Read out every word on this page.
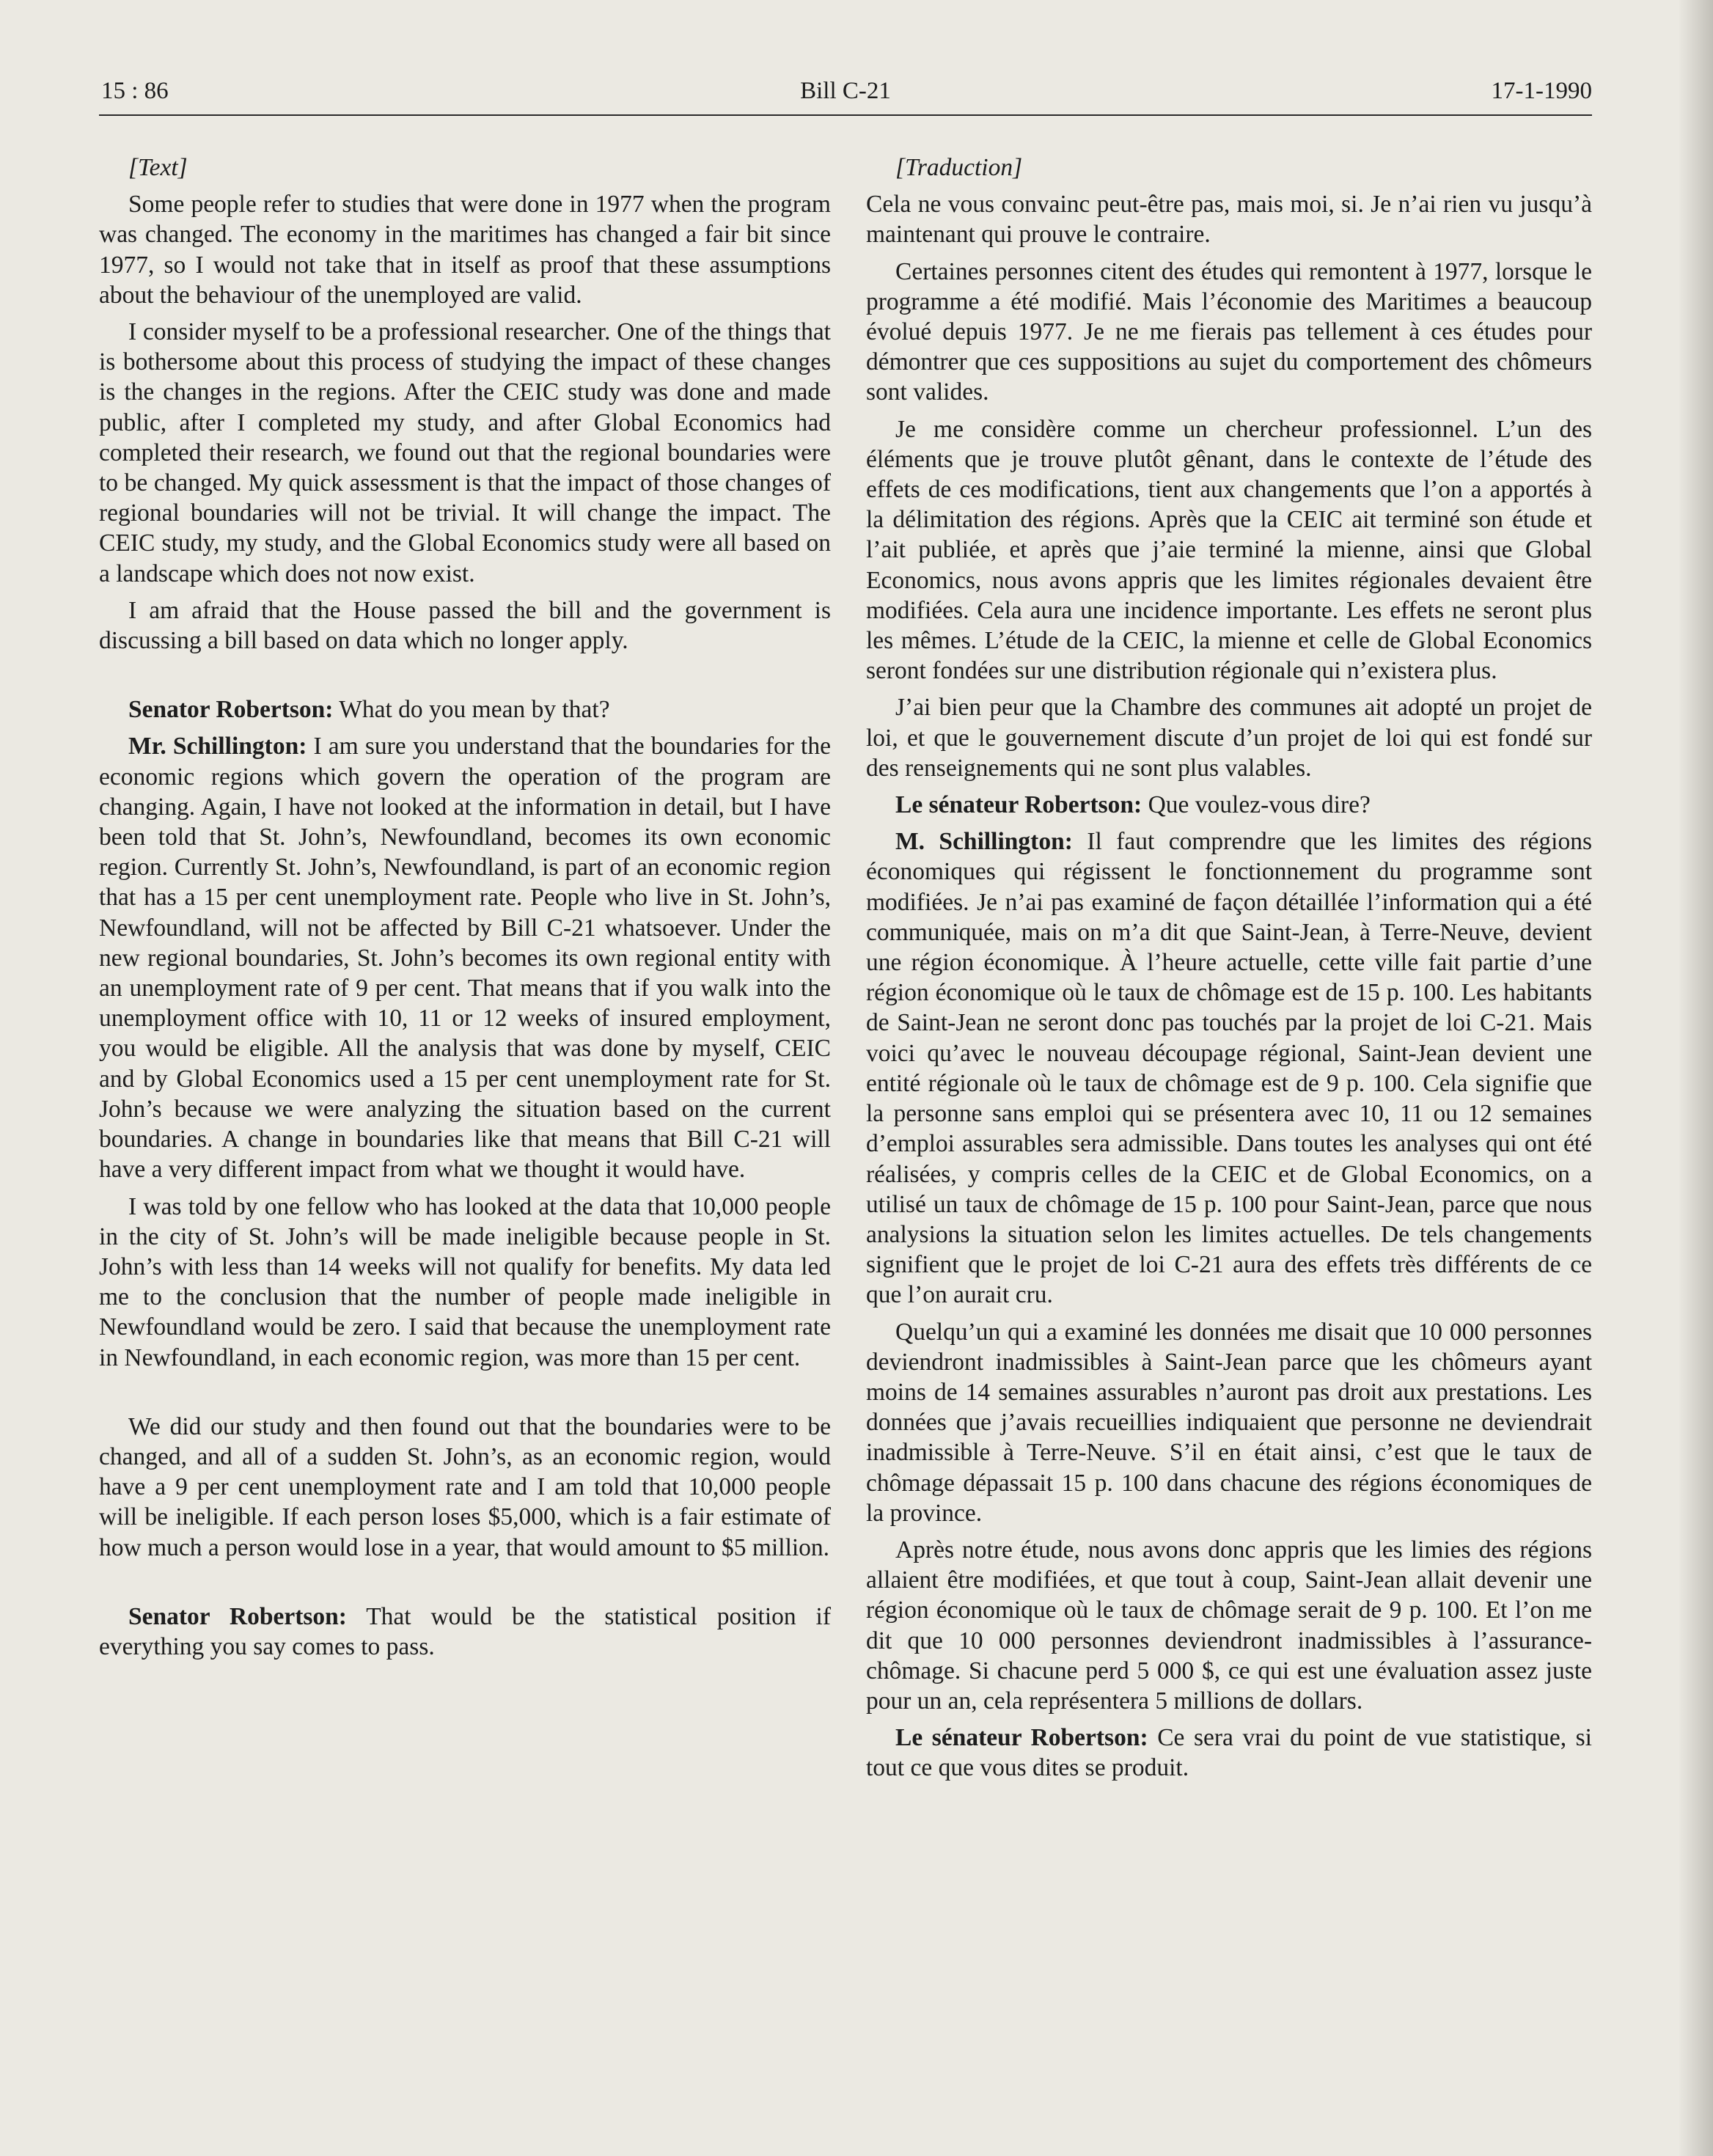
15 : 86	Bill C-21	17-1-1990

[Text]

Some people refer to studies that were done in 1977 when the program was changed. The economy in the maritimes has changed a fair bit since 1977, so I would not take that in itself as proof that these assumptions about the behaviour of the unemployed are valid.

I consider myself to be a professional researcher. One of the things that is bothersome about this process of studying the impact of these changes is the changes in the regions. After the CEIC study was done and made public, after I completed my study, and after Global Economics had completed their research, we found out that the regional boundaries were to be changed. My quick assessment is that the impact of those changes of regional boundaries will not be trivial. It will change the impact. The CEIC study, my study, and the Global Economics study were all based on a landscape which does not now exist.

I am afraid that the House passed the bill and the government is discussing a bill based on data which no longer apply.

Senator Robertson: What do you mean by that?

Mr. Schillington: I am sure you understand that the boundaries for the economic regions which govern the operation of the program are changing. Again, I have not looked at the information in detail, but I have been told that St. John’s, Newfoundland, becomes its own economic region. Currently St. John’s, Newfoundland, is part of an economic region that has a 15 per cent unemployment rate. People who live in St. John’s, Newfoundland, will not be affected by Bill C-21 whatsoever. Under the new regional boundaries, St. John’s becomes its own regional entity with an unemployment rate of 9 per cent. That means that if you walk into the unemployment office with 10, 11 or 12 weeks of insured employment, you would be eligible. All the analysis that was done by myself, CEIC and by Global Economics used a 15 per cent unemployment rate for St. John’s because we were analyzing the situation based on the current boundaries. A change in boundaries like that means that Bill C-21 will have a very different impact from what we thought it would have.

I was told by one fellow who has looked at the data that 10,000 people in the city of St. John’s will be made ineligible because people in St. John’s with less than 14 weeks will not qualify for benefits. My data led me to the conclusion that the number of people made ineligible in Newfoundland would be zero. I said that because the unemployment rate in Newfoundland, in each economic region, was more than 15 per cent.

We did our study and then found out that the boundaries were to be changed, and all of a sudden St. John’s, as an economic region, would have a 9 per cent unemployment rate and I am told that 10,000 people will be ineligible. If each person loses $5,000, which is a fair estimate of how much a person would lose in a year, that would amount to $5 million.

Senator Robertson: That would be the statistical position if everything you say comes to pass.

[Traduction]

Cela ne vous convainc peut-être pas, mais moi, si. Je n’ai rien vu jusqu’à maintenant qui prouve le contraire.

Certaines personnes citent des études qui remontent à 1977, lorsque le programme a été modifié. Mais l’économie des Maritimes a beaucoup évolué depuis 1977. Je ne me fierais pas tellement à ces études pour démontrer que ces suppositions au sujet du comportement des chômeurs sont valides.

Je me considère comme un chercheur professionnel. L’un des éléments que je trouve plutôt gênant, dans le contexte de l’étude des effets de ces modifications, tient aux changements que l’on a apportés à la délimitation des régions. Après que la CEIC ait terminé son étude et l’ait publiée, et après que j’aie terminé la mienne, ainsi que Global Economics, nous avons appris que les limites régionales devaient être modifiées. Cela aura une incidence importante. Les effets ne seront plus les mêmes. L’étude de la CEIC, la mienne et celle de Global Economics seront fondées sur une distribution régionale qui n’existera plus.

J’ai bien peur que la Chambre des communes ait adopté un projet de loi, et que le gouvernement discute d’un projet de loi qui est fondé sur des renseignements qui ne sont plus valables.

Le sénateur Robertson: Que voulez-vous dire?

M. Schillington: Il faut comprendre que les limites des régions économiques qui régissent le fonctionnement du programme sont modifiées. Je n’ai pas examiné de façon détaillée l’information qui a été communiquée, mais on m’a dit que Saint-Jean, à Terre-Neuve, devient une région économique. À l’heure actuelle, cette ville fait partie d’une région économique où le taux de chômage est de 15 p. 100. Les habitants de Saint-Jean ne seront donc pas touchés par la projet de loi C-21. Mais voici qu’avec le nouveau découpage régional, Saint-Jean devient une entité régionale où le taux de chômage est de 9 p. 100. Cela signifie que la personne sans emploi qui se présentera avec 10, 11 ou 12 semaines d’emploi assurables sera admissible. Dans toutes les analyses qui ont été réalisées, y compris celles de la CEIC et de Global Economics, on a utilisé un taux de chômage de 15 p. 100 pour Saint-Jean, parce que nous analysions la situation selon les limites actuelles. De tels changements signifient que le projet de loi C-21 aura des effets très différents de ce que l’on aurait cru.

Quelqu’un qui a examiné les données me disait que 10 000 personnes deviendront inadmissibles à Saint-Jean parce que les chômeurs ayant moins de 14 semaines assurables n’auront pas droit aux prestations. Les données que j’avais recueillies indiquaient que personne ne deviendrait inadmissible à Terre-Neuve. S’il en était ainsi, c’est que le taux de chômage dépassait 15 p. 100 dans chacune des régions économiques de la province.

Après notre étude, nous avons donc appris que les limies des régions allaient être modifiées, et que tout à coup, Saint-Jean allait devenir une région économique où le taux de chômage serait de 9 p. 100. Et l’on me dit que 10 000 personnes deviendront inadmissibles à l’assurance-chômage. Si chacune perd 5 000 $, ce qui est une évaluation assez juste pour un an, cela représentera 5 millions de dollars.

Le sénateur Robertson: Ce sera vrai du point de vue statistique, si tout ce que vous dites se produit.
